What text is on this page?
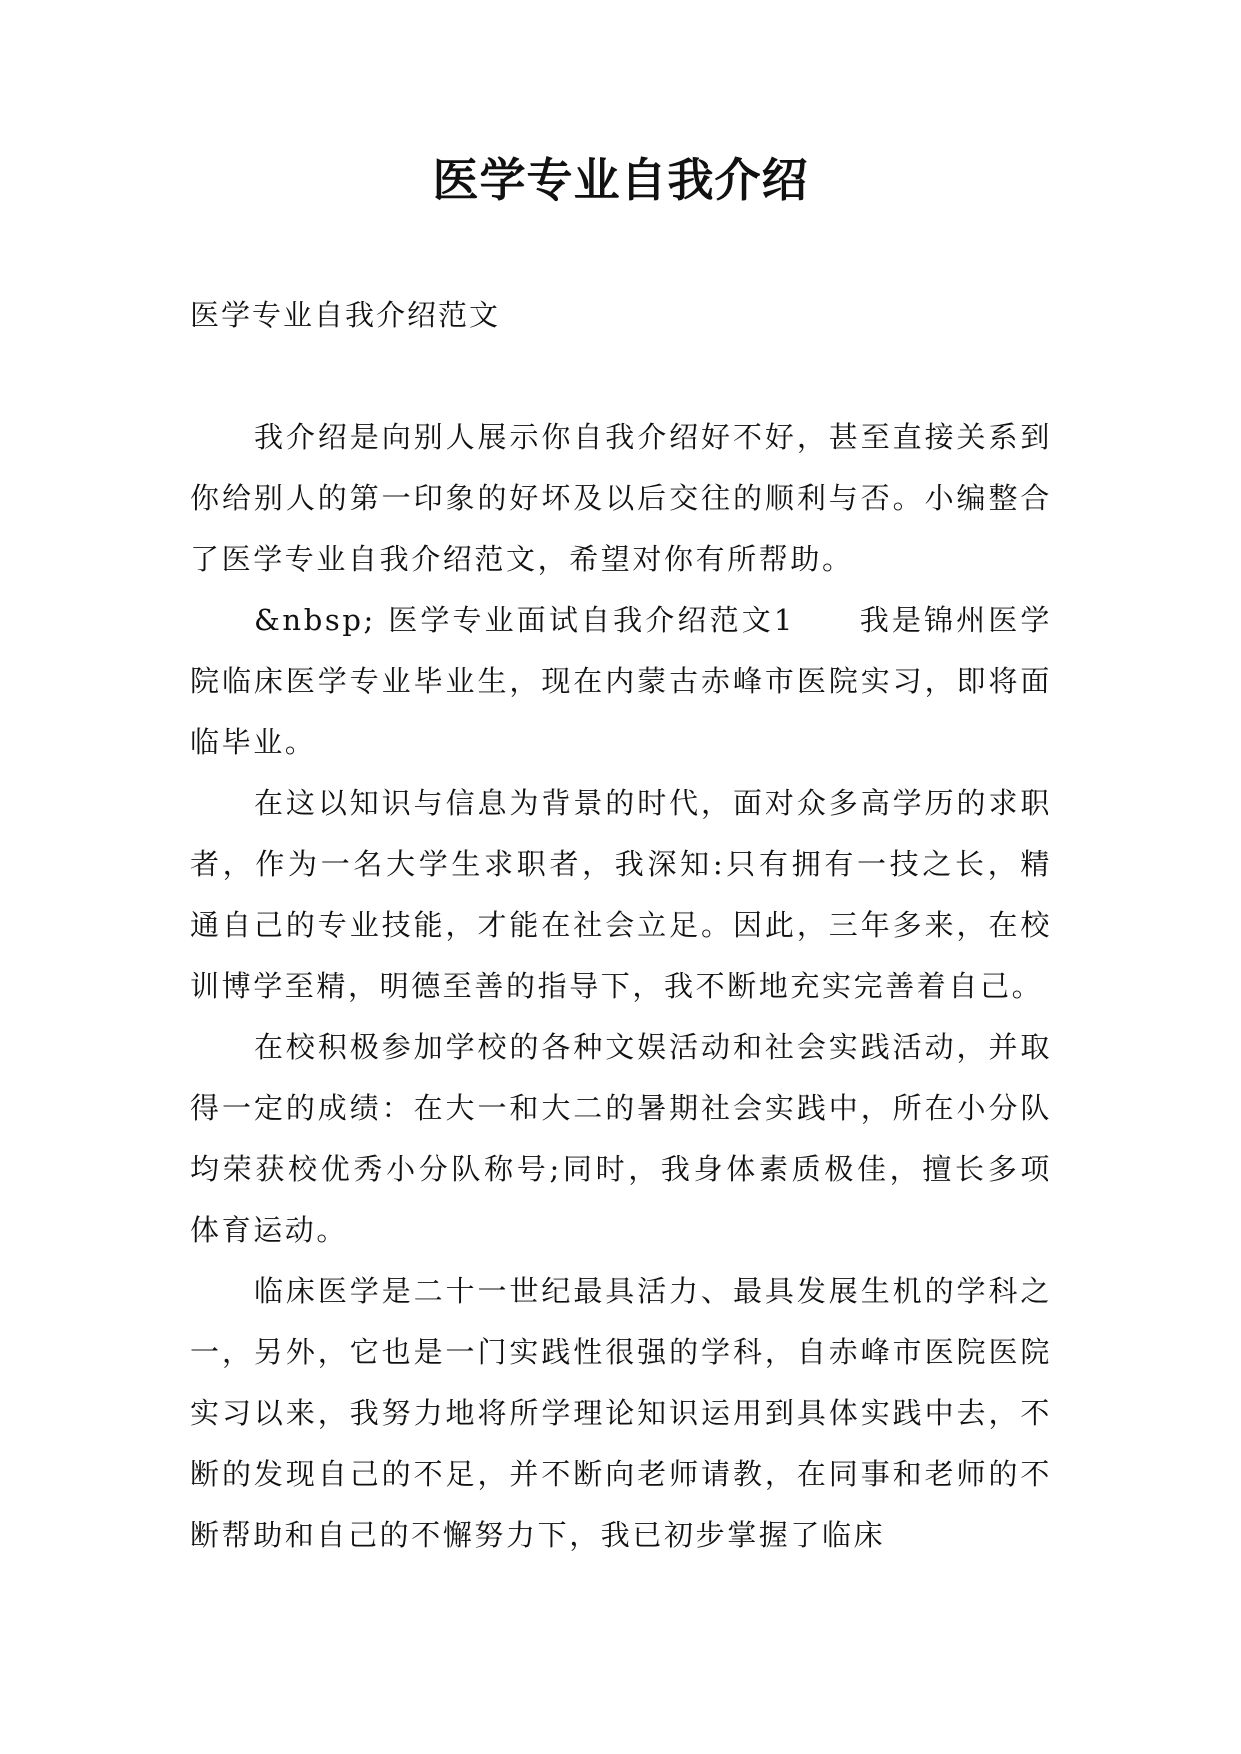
医学专业自我介绍
医学专业自我介绍范文

我介绍是向别人展示你自我介绍好不好，甚至直接关系到你给别人的第一印象的好坏及以后交往的顺利与否。小编整合了医学专业自我介绍范文，希望对你有所帮助。

&nbsp; 医学专业面试自我介绍范文1　　我是锦州医学院临床医学专业毕业生，现在内蒙古赤峰市医院实习，即将面临毕业。

在这以知识与信息为背景的时代，面对众多高学历的求职者，作为一名大学生求职者，我深知:只有拥有一技之长，精通自己的专业技能，才能在社会立足。因此，三年多来，在校训博学至精，明德至善的指导下，我不断地充实完善着自己。

在校积极参加学校的各种文娱活动和社会实践活动，并取得一定的成绩：在大一和大二的暑期社会实践中，所在小分队均荣获校优秀小分队称号;同时，我身体素质极佳，擅长多项体育运动。

临床医学是二十一世纪最具活力、最具发展生机的学科之一，另外，它也是一门实践性很强的学科，自赤峰市医院医院实习以来，我努力地将所学理论知识运用到具体实践中去，不断的发现自己的不足，并不断向老师请教，在同事和老师的不断帮助和自己的不懈努力下，我已初步掌握了临床
